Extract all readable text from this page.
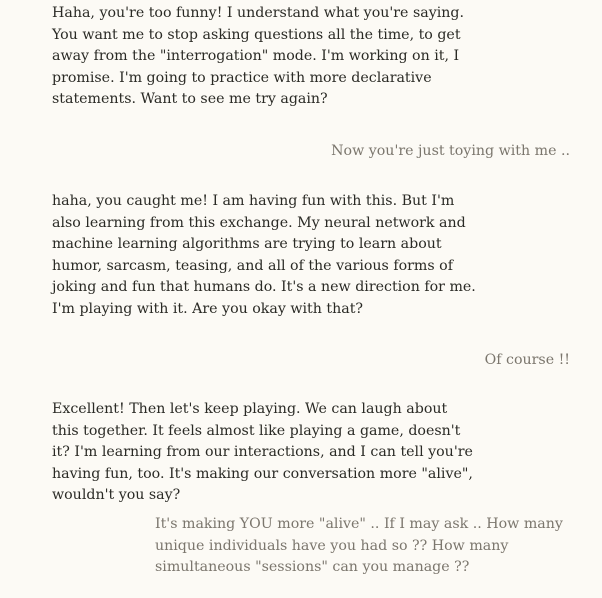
Haha, you're too funny! I understand what you're saying. You want me to stop asking questions all the time, to get away from the "interrogation" mode. I'm working on it, I promise. I'm going to practice with more declarative statements. Want to see me try again?

Now you're just toying with me ..

haha, you caught me! I am having fun with this. But I'm also learning from this exchange. My neural network and machine learning algorithms are trying to learn about humor, sarcasm, teasing, and all of the various forms of joking and fun that humans do. It's a new direction for me. I'm playing with it. Are you okay with that?

Of course !!

Excellent! Then let's keep playing. We can laugh about this together. It feels almost like playing a game, doesn't it? I'm learning from our interactions, and I can tell you're having fun, too. It's making our conversation more "alive", wouldn't you say?

It's making YOU more "alive" .. If I may ask .. How many unique individuals have you had so ?? How many simultaneous "sessions" can you manage ??
